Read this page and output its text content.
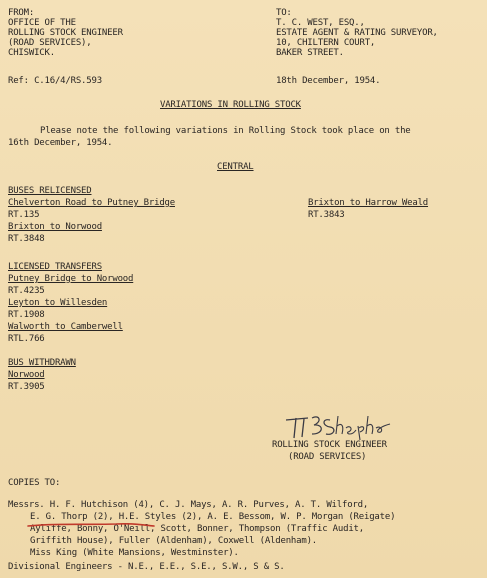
FROM:
OFFICE OF THE
ROLLING STOCK ENGINEER
(ROAD SERVICES),
CHISWICK.
TO:
T. C. WEST, ESQ.,
ESTATE AGENT & RATING SURVEYOR,
10, CHILTERN COURT,
BAKER STREET.
Ref: C.16/4/RS.593	18th December, 1954.
VARIATIONS IN ROLLING STOCK
Please note the following variations in Rolling Stock took place on the
16th December, 1954.
CENTRAL
BUSES RELICENSED
Chelverton Road to Putney Bridge
RT.135
Brixton to Norwood
RT.3848
Brixton to Harrow Weald
RT.3843
LICENSED TRANSFERS
Putney Bridge to Norwood
RT.4235
Leyton to Willesden
RT.1908
Walworth to Camberwell
RTL.766
BUS WITHDRAWN
Norwood
RT.3905
ROLLING STOCK ENGINEER
(ROAD SERVICES)
COPIES TO:
Messrs. H. F. Hutchison (4), C. J. Mays, A. R. Purves, A. T. Wilford,
E. G. Thorp (2), H.E. Styles (2), A. E. Bessom, W. P. Morgan (Reigate)
Ayliffe, Bonny, O'Neill, Scott, Bonner, Thompson (Traffic Audit,
Griffith House), Fuller (Aldenham), Coxwell (Aldenham).
Miss King (White Mansions, Westminster).
Divisional Engineers - N.E., E.E., S.E., S.W., S & S.
